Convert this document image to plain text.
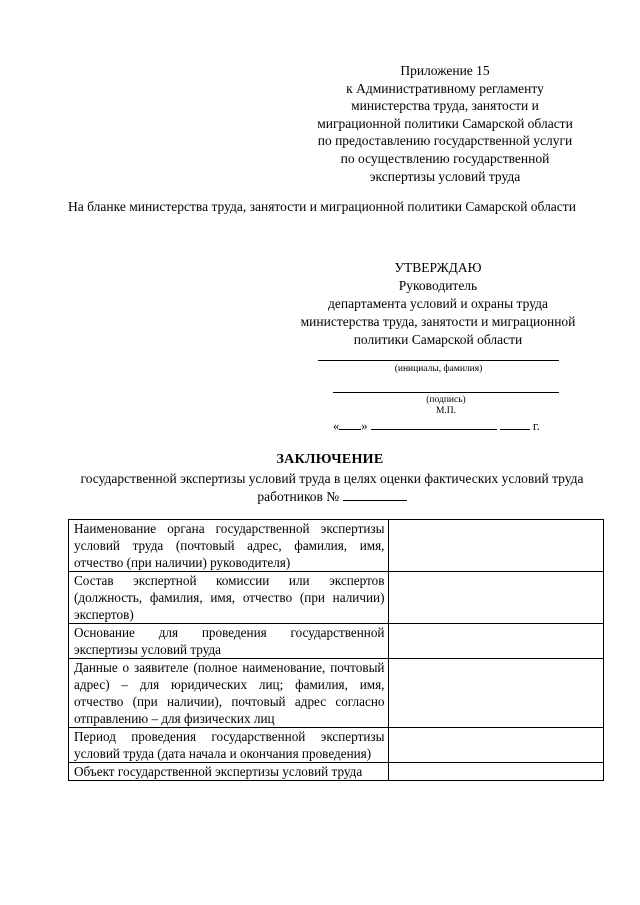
Приложение 15
к Административному регламенту
министерства труда, занятости и
миграционной политики Самарской области
по предоставлению государственной услуги
по осуществлению государственной
экспертизы условий труда
На бланке министерства труда, занятости и миграционной политики Самарской области
УТВЕРЖДАЮ
Руководитель
департамента условий и охраны труда
министерства труда, занятости и миграционной
политики Самарской области
(инициалы, фамилия)
(подпись)
М.П.
« »	г.
ЗАКЛЮЧЕНИЕ
государственной экспертизы условий труда в целях оценки фактических условий труда работников №
Наименование органа государственной экспертизы условий труда (почтовый адрес, фамилия, имя, отчество (при наличии) руководителя)	
Состав экспертной комиссии или экспертов (должность, фамилия, имя, отчество (при наличии) экспертов)	
Основание для проведения государственной экспертизы условий труда	
Данные о заявителе (полное наименование, почтовый адрес) – для юридических лиц; фамилия, имя, отчество (при наличии), почтовый адрес согласно отправлению – для физических лиц	
Период проведения государственной экспертизы условий труда (дата начала и окончания проведения)	
Объект государственной экспертизы условий труда	
